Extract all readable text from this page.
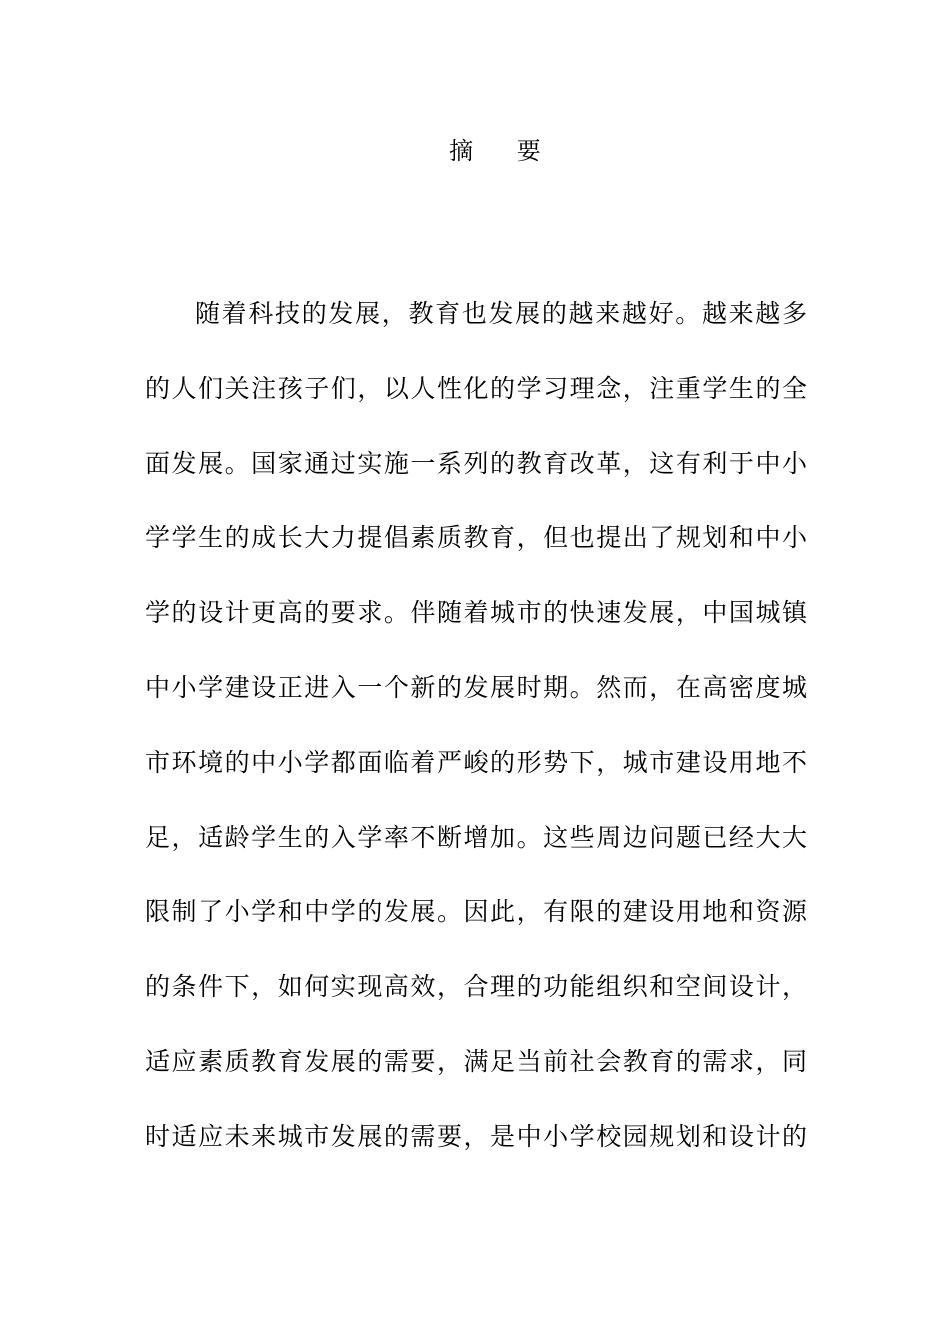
摘 要
随着科技的发展，教育也发展的越来越好。越来越多
的人们关注孩子们，以人性化的学习理念，注重学生的全
面发展。国家通过实施一系列的教育改革，这有利于中小
学学生的成长大力提倡素质教育，但也提出了规划和中小
学的设计更高的要求。伴随着城市的快速发展，中国城镇
中小学建设正进入一个新的发展时期。然而，在高密度城
市环境的中小学都面临着严峻的形势下，城市建设用地不
足，适龄学生的入学率不断增加。这些周边问题已经大大
限制了小学和中学的发展。因此，有限的建设用地和资源
的条件下，如何实现高效，合理的功能组织和空间设计，
适应素质教育发展的需要，满足当前社会教育的需求，同
时适应未来城市发展的需要，是中小学校园规划和设计的
